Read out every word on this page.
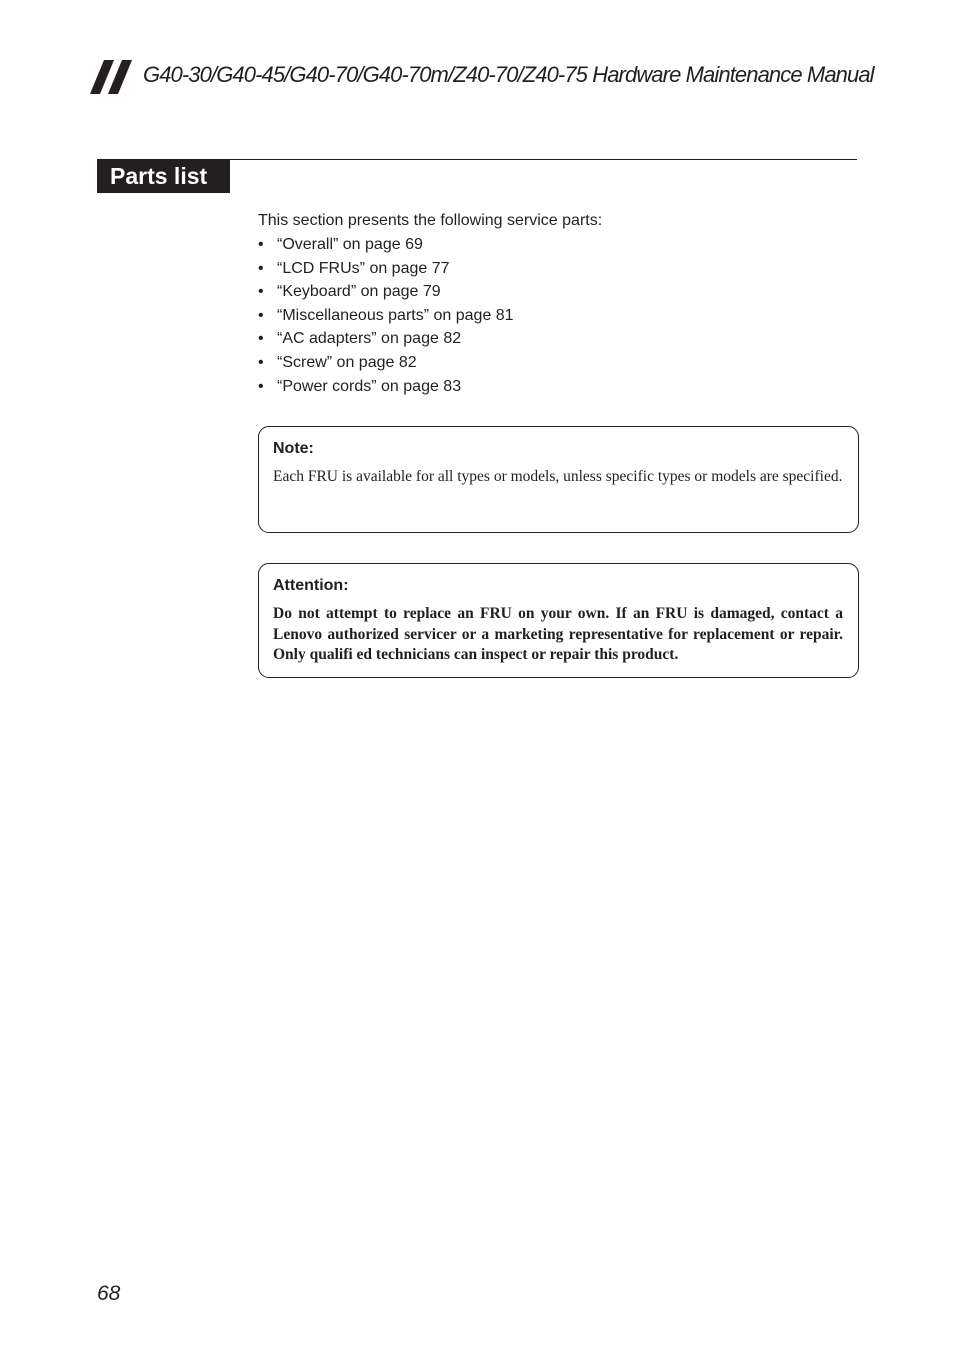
G40-30/G40-45/G40-70/G40-70m/Z40-70/Z40-75 Hardware Maintenance Manual
Parts list
This section presents the following service parts:
• “Overall” on page 69
• “LCD FRUs” on page 77
• “Keyboard” on page 79
• “Miscellaneous parts” on page 81
• “AC adapters” on page 82
• “Screw” on page 82
• “Power cords” on page 83
Note:
Each FRU is available for all types or models, unless specific types or models are specified.
Attention:
Do not attempt to replace an FRU on your own. If an FRU is damaged, contact a Lenovo authorized servicer or a marketing representative for replacement or repair. Only qualifi ed technicians can inspect or repair this product.
68
